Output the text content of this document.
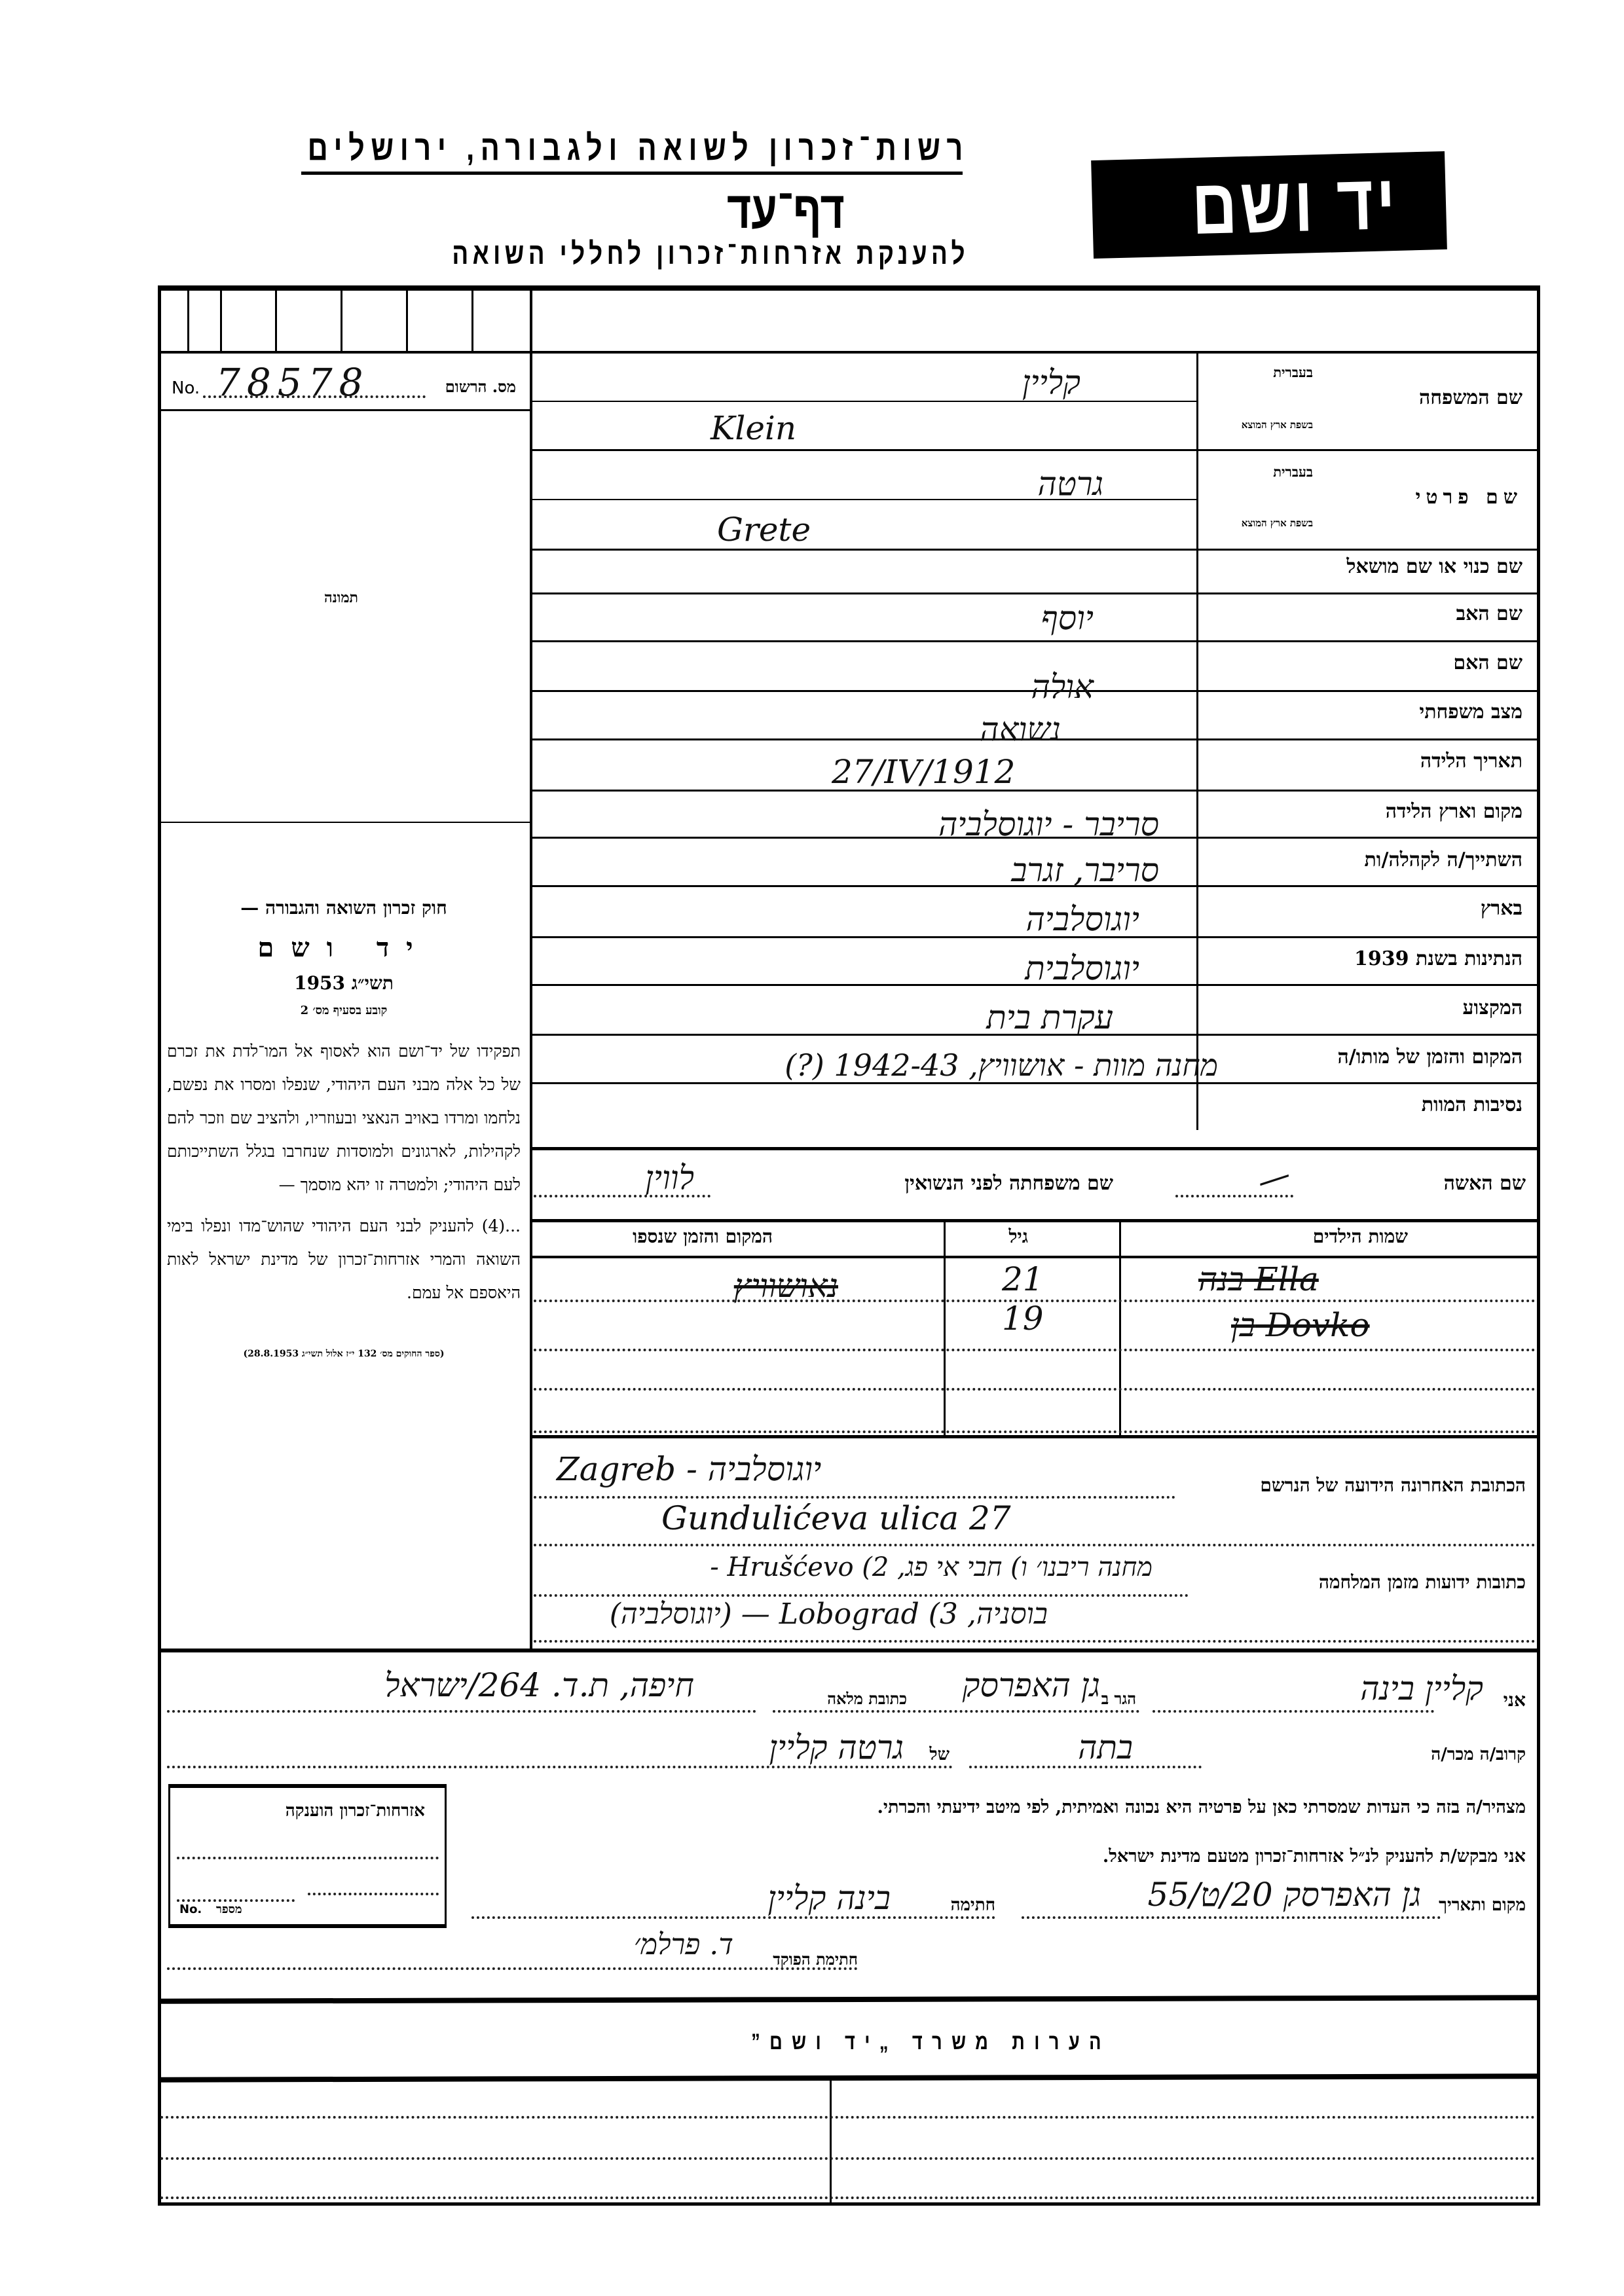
רשות־זכרון לשואה ולגבורה, ירושלים
דף־עד
להענקת אזרחות־זכרון לחללי השואה
יד ושם
No. 78578	מס. הרשום
תמונה
חוק זכרון השואה והגבורה —
יד ושם
תשי״ג 1953
קובע בסעיף מס׳ 2
תפקידו של יד־ושם הוא לאסוף אל המו־לדת את זכרם של כל אלה מבני העם היהודי, שנפלו ומסרו את נפשם, נלחמו ומרדו באויב הנאצי ובעוזריו, ולהציב שם וזכר להם לקהילות, לארגונים ולמוסדות שנחרבו בגלל השתייכותם לעם היהודי; ולמטרה זו יהא מוסמך —
...(4) להעניק לבני העם היהודי שהוש־מדו ונפלו בימי השואה והמרי אזרחות־זכרון של מדינת ישראל לאות היאספם אל עמם.
(ספר החוקים מס׳ 132 י״ז אלול תשי״ג 28.8.1953)
בעברית
שם המשפחה
בשפת ארץ המוצא
קליין
Klein
בעברית
שם פרטי
בשפת ארץ המוצא
גרטה
Grete
שם כנוי או שם מושאל
שם האב
יוסף
שם האם
אולה
מצב משפחתי
נשואה
תאריך הלידה
27/IV/1912
מקום וארץ הלידה
סריבר - יוגוסלביה
השתייך/ה לקהלה/ות
סריבר, זגרב
בארץ
יוגוסלביה
הנתינות בשנת 1939
יוגוסלבית
המקצוע
עקרת בית
המקום והזמן של מותו/ה
מחנה מוות - אושוויץ, 1942-43 (?)
נסיבות המוות
שם האשה
—
שם משפחתה לפני הנשואין
לווין
שמות הילדים
גיל
המקום והזמן שנספו
בנה Ella
21
נאושוויץ
בן Dovko
19
הכתובת האחרונה הידועה של הנרשם
Zagreb - יוגוסלביה
Gundulićeva ulica 27
כתובות ידועות מזמן המלחמה
מחנה ריבנו׳ ו) חבי אי פג, 2) Hrušćevo -
בוסניה, 3) Lobograd — (יוגוסלביה)
אני
קליין בינה
הגר ב
גן האפרסק
כתובת מלאה
חיפה, ת.ד. 264/ישראל
קרוב/ה מכר/ה
בתה
של
גרטה קליין
מצהיר/ה בזה כי העדות שמסרתי כאן על פרטיה היא נכונה ואמיתית, לפי מיטב ידיעתי והכרתי.
אני מבקש/ת להעניק לנ״ל אזרחות־זכרון מטעם מדינת ישראל.
מקום ותאריך
גן האפרסק 20/ט/55
חתימה
בינה קליין
חתימת הפוקד
ד. פרלמ׳
אזרחות־זכרון הוענקה
No. מספר
הערות משרד „יד ושם”
